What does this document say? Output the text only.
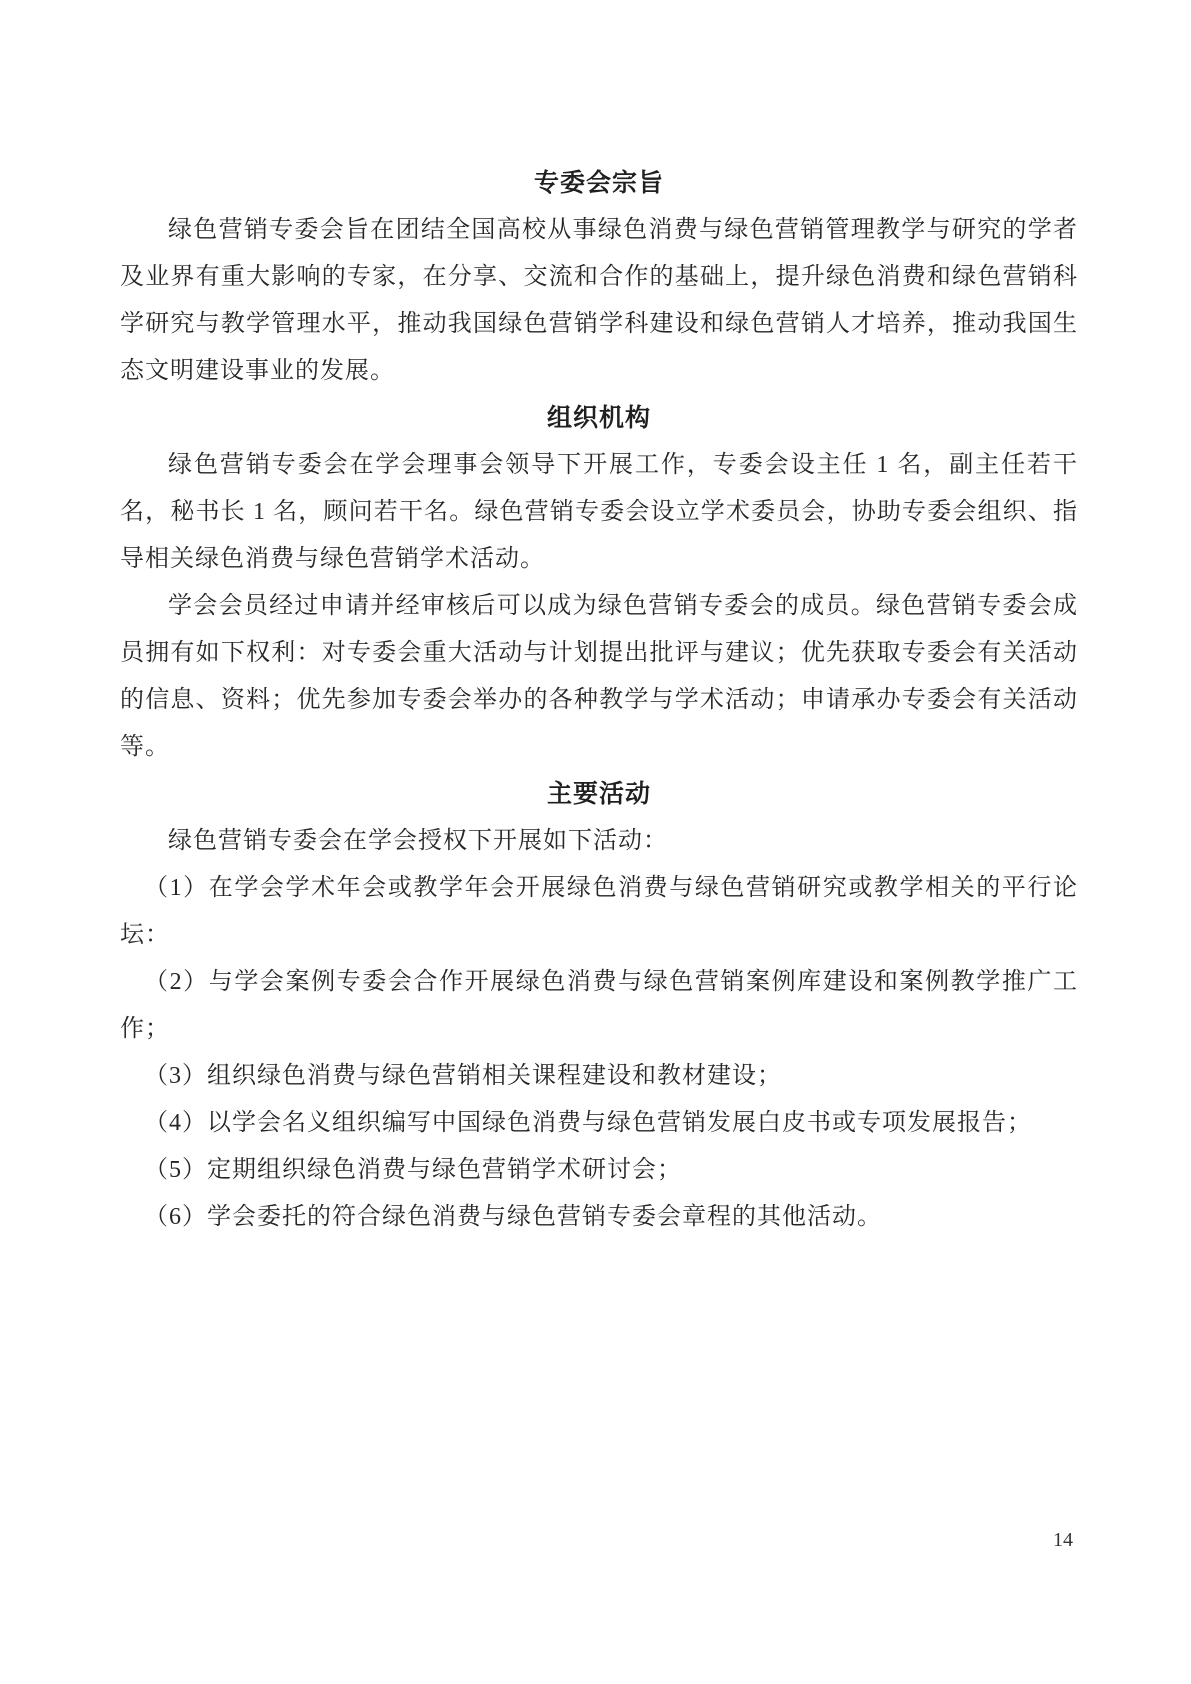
专委会宗旨

绿色营销专委会旨在团结全国高校从事绿色消费与绿色营销管理教学与研究的学者及业界有重大影响的专家，在分享、交流和合作的基础上，提升绿色消费和绿色营销科学研究与教学管理水平，推动我国绿色营销学科建设和绿色营销人才培养，推动我国生态文明建设事业的发展。

组织机构

绿色营销专委会在学会理事会领导下开展工作，专委会设主任 1 名，副主任若干名，秘书长 1 名，顾问若干名。绿色营销专委会设立学术委员会，协助专委会组织、指导相关绿色消费与绿色营销学术活动。

学会会员经过申请并经审核后可以成为绿色营销专委会的成员。绿色营销专委会成员拥有如下权利：对专委会重大活动与计划提出批评与建议；优先获取专委会有关活动的信息、资料；优先参加专委会举办的各种教学与学术活动；申请承办专委会有关活动等。

主要活动

绿色营销专委会在学会授权下开展如下活动：

（1）在学会学术年会或教学年会开展绿色消费与绿色营销研究或教学相关的平行论坛：

（2）与学会案例专委会合作开展绿色消费与绿色营销案例库建设和案例教学推广工作；

（3）组织绿色消费与绿色营销相关课程建设和教材建设；

（4）以学会名义组织编写中国绿色消费与绿色营销发展白皮书或专项发展报告；

（5）定期组织绿色消费与绿色营销学术研讨会；

（6）学会委托的符合绿色消费与绿色营销专委会章程的其他活动。

14
